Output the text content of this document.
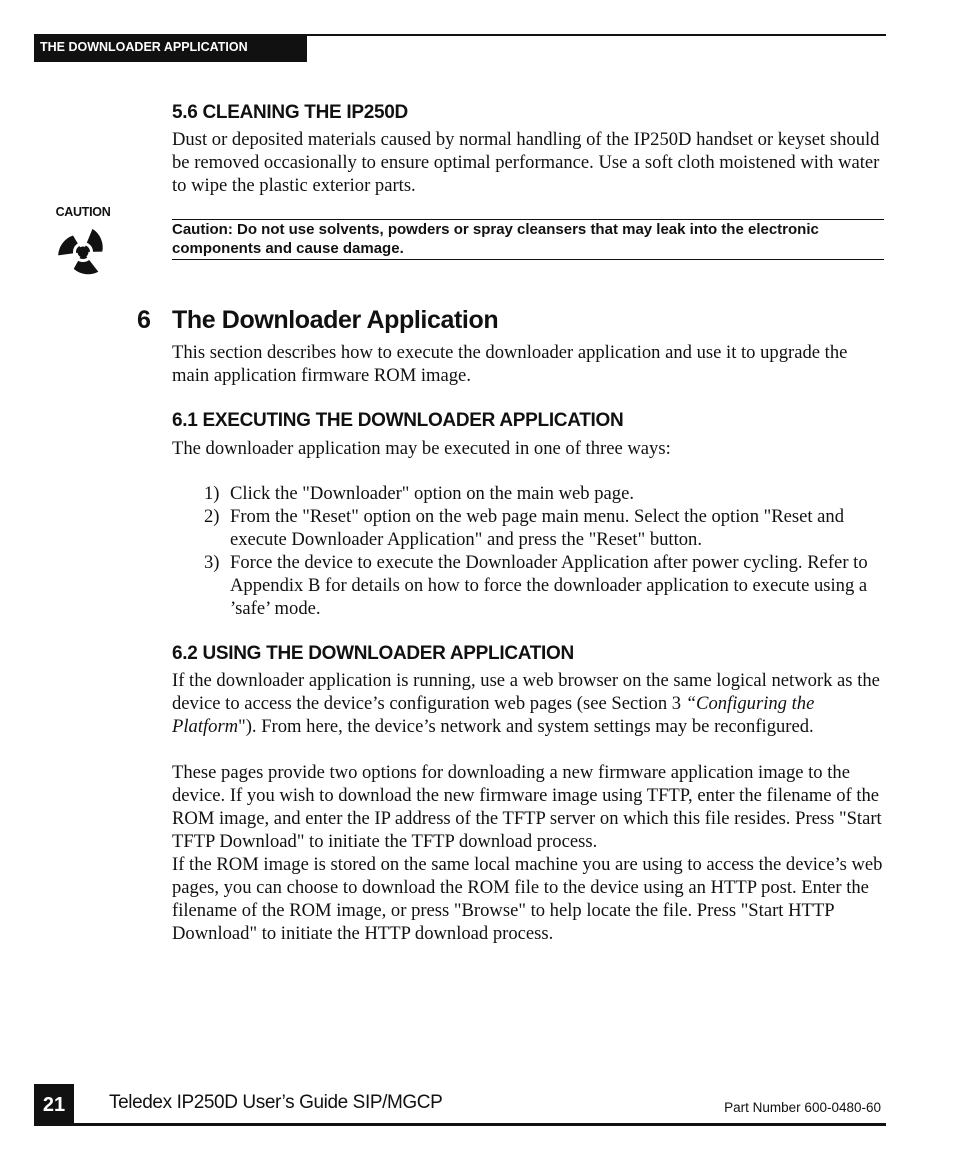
THE DOWNLOADER APPLICATION
5.6 CLEANING THE IP250D

Dust or deposited materials caused by normal handling of the IP250D handset or keyset should be removed occasionally to ensure optimal performance. Use a soft cloth moistened with water to wipe the plastic exterior parts.

CAUTION
Caution: Do not use solvents, powders or spray cleansers that may leak into the electronic components and cause damage.
6 The Downloader Application

This section describes how to execute the downloader application and use it to upgrade the main application firmware ROM image.

6.1 EXECUTING THE DOWNLOADER APPLICATION

The downloader application may be executed in one of three ways:

1) Click the "Downloader" option on the main web page.
2) From the "Reset" option on the web page main menu. Select the option "Reset and execute Downloader Application" and press the "Reset" button.
3) Force the device to execute the Downloader Application after power cycling. Refer to Appendix B for details on how to force the downloader application to execute using a ’safe’ mode.
6.2 USING THE DOWNLOADER APPLICATION

If the downloader application is running, use a web browser on the same logical network as the device to access the device’s configuration web pages (see Section 3 “Configuring the Platform"). From here, the device’s network and system settings may be reconfigured.

These pages provide two options for downloading a new firmware application image to the device. If you wish to download the new firmware image using TFTP, enter the filename of the ROM image, and enter the IP address of the TFTP server on which this file resides. Press "Start TFTP Download" to initiate the TFTP download process.

If the ROM image is stored on the same local machine you are using to access the device’s web pages, you can choose to download the ROM file to the device using an HTTP post. Enter the filename of the ROM image, or press "Browse" to help locate the file. Press "Start HTTP Download" to initiate the HTTP download process.

21	Teledex IP250D User’s Guide SIP/MGCP	Part Number 600-0480-60
